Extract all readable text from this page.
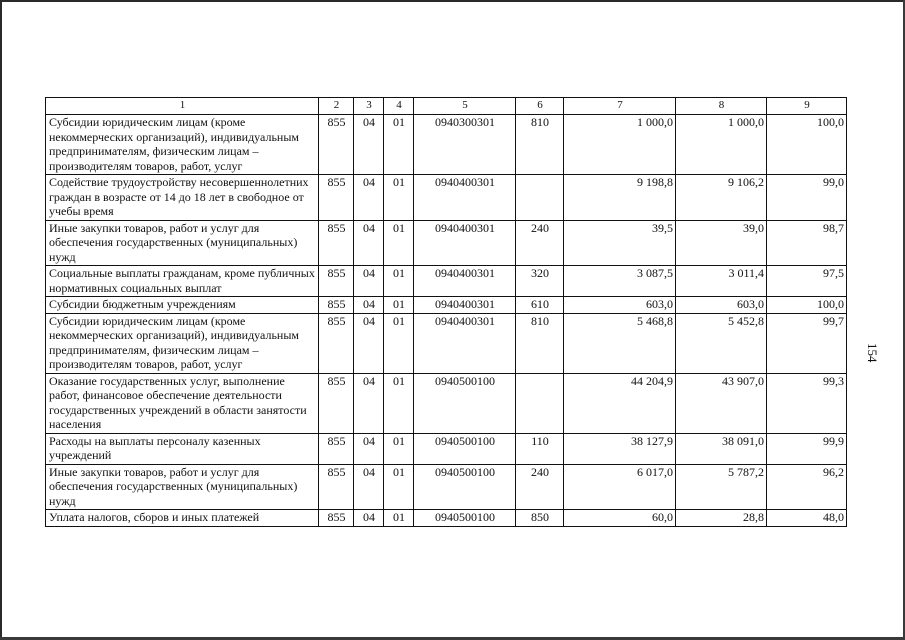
1	2	3	4	5	6	7	8	9
Субсидии юридическим лицам (кроме некоммерческих организаций), индивидуальным предпринимателям, физическим лицам – производителям товаров, работ, услуг	855	04	01	0940300301	810	1 000,0	1 000,0	100,0
Содействие трудоустройству несовершеннолетних граждан в возрасте от 14 до 18 лет в свободное от учебы время	855	04	01	0940400301		9 198,8	9 106,2	99,0
Иные закупки товаров, работ и услуг для обеспечения государственных (муниципальных) нужд	855	04	01	0940400301	240	39,5	39,0	98,7
Социальные выплаты гражданам, кроме публичных нормативных социальных выплат	855	04	01	0940400301	320	3 087,5	3 011,4	97,5
Субсидии бюджетным учреждениям	855	04	01	0940400301	610	603,0	603,0	100,0
Субсидии юридическим лицам (кроме некоммерческих организаций), индивидуальным предпринимателям, физическим лицам – производителям товаров, работ, услуг	855	04	01	0940400301	810	5 468,8	5 452,8	99,7
Оказание государственных услуг, выполнение работ, финансовое обеспечение деятельности государственных учреждений в области занятости населения	855	04	01	0940500100		44 204,9	43 907,0	99,3
Расходы на выплаты персоналу казенных учреждений	855	04	01	0940500100	110	38 127,9	38 091,0	99,9
Иные закупки товаров, работ и услуг для обеспечения государственных (муниципальных) нужд	855	04	01	0940500100	240	6 017,0	5 787,2	96,2
Уплата налогов, сборов и иных платежей	855	04	01	0940500100	850	60,0	28,8	48,0
154
